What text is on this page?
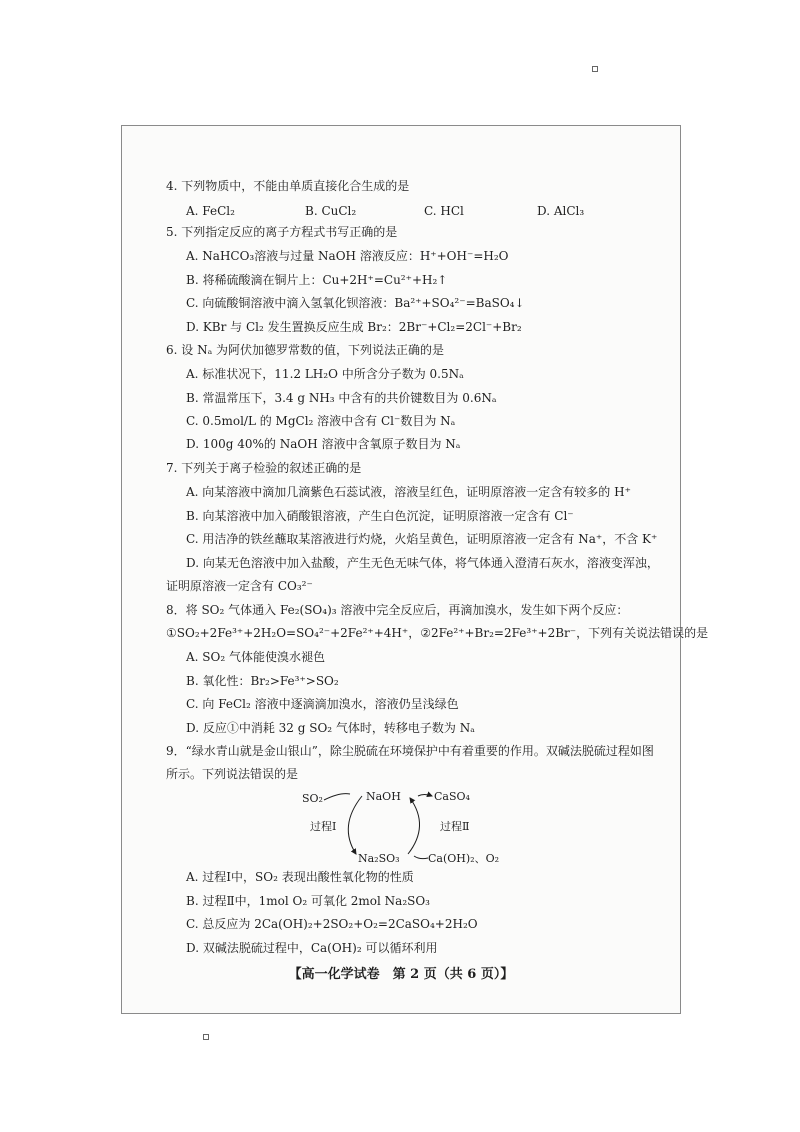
4. 下列物质中，不能由单质直接化合生成的是
A. FeCl₂	B. CuCl₂	C. HCl	D. AlCl₃
5. 下列指定反应的离子方程式书写正确的是
A. NaHCO₃溶液与过量 NaOH 溶液反应：H⁺+OH⁻=H₂O
B. 将稀硫酸滴在铜片上：Cu+2H⁺=Cu²⁺+H₂↑
C. 向硫酸铜溶液中滴入氢氧化钡溶液：Ba²⁺+SO₄²⁻=BaSO₄↓
D. KBr 与 Cl₂ 发生置换反应生成 Br₂：2Br⁻+Cl₂=2Cl⁻+Br₂
6. 设 Nₐ 为阿伏加德罗常数的值，下列说法正确的是
A. 标准状况下，11.2 LH₂O 中所含分子数为 0.5Nₐ
B. 常温常压下，3.4 g NH₃ 中含有的共价键数目为 0.6Nₐ
C. 0.5mol/L 的 MgCl₂ 溶液中含有 Cl⁻数目为 Nₐ
D. 100g 40%的 NaOH 溶液中含氧原子数目为 Nₐ
7. 下列关于离子检验的叙述正确的是
A. 向某溶液中滴加几滴紫色石蕊试液，溶液呈红色，证明原溶液一定含有较多的 H⁺
B. 向某溶液中加入硝酸银溶液，产生白色沉淀，证明原溶液一定含有 Cl⁻
C. 用洁净的铁丝蘸取某溶液进行灼烧，火焰呈黄色，证明原溶液一定含有 Na⁺，不含 K⁺
D. 向某无色溶液中加入盐酸，产生无色无味气体，将气体通入澄清石灰水，溶液变浑浊，
证明原溶液一定含有 CO₃²⁻
8．将 SO₂ 气体通入 Fe₂(SO₄)₃ 溶液中完全反应后，再滴加溴水，发生如下两个反应：
①SO₂+2Fe³⁺+2H₂O=SO₄²⁻+2Fe²⁺+4H⁺，②2Fe²⁺+Br₂=2Fe³⁺+2Br⁻，下列有关说法错误的是
A. SO₂ 气体能使溴水褪色
B. 氧化性：Br₂>Fe³⁺>SO₂
C. 向 FeCl₂ 溶液中逐滴滴加溴水，溶液仍呈浅绿色
D. 反应①中消耗 32 g SO₂ 气体时，转移电子数为 Nₐ
9．“绿水青山就是金山银山”，除尘脱硫在环境保护中有着重要的作用。双碱法脱硫过程如图
所示。下列说法错误的是
SO₂	NaOH	CaSO₄
过程Ⅰ	过程Ⅱ
Na₂SO₃	Ca(OH)₂、O₂
A. 过程Ⅰ中，SO₂ 表现出酸性氧化物的性质
B. 过程Ⅱ中，1mol O₂ 可氧化 2mol Na₂SO₃
C. 总反应为 2Ca(OH)₂+2SO₂+O₂=2CaSO₄+2H₂O
D. 双碱法脱硫过程中，Ca(OH)₂ 可以循环利用
【高一化学试卷　第 2 页（共 6 页）】
